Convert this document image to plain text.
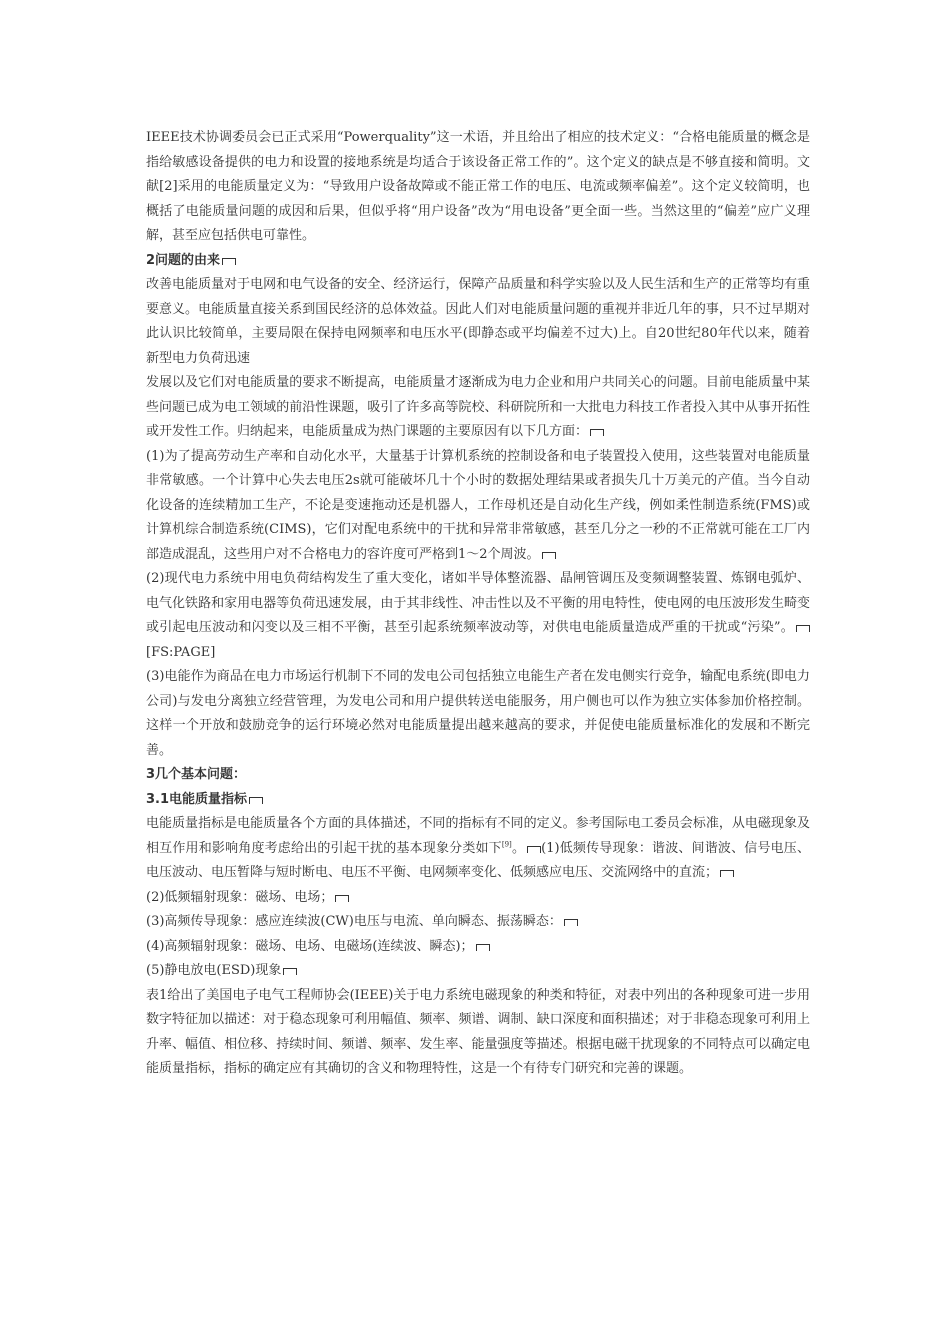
IEEE技术协调委员会已正式采用“Powerquality”这一术语，并且给出了相应的技术定义：“合格电能质量的概念是指给敏感设备提供的电力和设置的接地系统是均适合于该设备正常工作的”。这个定义的缺点是不够直接和简明。文献[2]采用的电能质量定义为：“导致用户设备故障或不能正常工作的电压、电流或频率偏差”。这个定义较简明，也概括了电能质量问题的成因和后果，但似乎将“用户设备”改为“用电设备”更全面一些。当然这里的“偏差”应广义理解，甚至应包括供电可靠性。

2问题的由来

改善电能质量对于电网和电气设备的安全、经济运行，保障产品质量和科学实验以及人民生活和生产的正常等均有重要意义。电能质量直接关系到国民经济的总体效益。因此人们对电能质量问题的重视并非近几年的事，只不过早期对此认识比较简单，主要局限在保持电网频率和电压水平(即静态或平均偏差不过大)上。自20世纪80年代以来，随着新型电力负荷迅速

发展以及它们对电能质量的要求不断提高，电能质量才逐渐成为电力企业和用户共同关心的问题。目前电能质量中某些问题已成为电工领域的前沿性课题，吸引了许多高等院校、科研院所和一大批电力科技工作者投入其中从事开拓性或开发性工作。归纳起来，电能质量成为热门课题的主要原因有以下几方面：

(1)为了提高劳动生产率和自动化水平，大量基于计算机系统的控制设备和电子装置投入使用，这些装置对电能质量非常敏感。一个计算中心失去电压2s就可能破坏几十个小时的数据处理结果或者损失几十万美元的产值。当今自动化设备的连续精加工生产，不论是变速拖动还是机器人，工作母机还是自动化生产线，例如柔性制造系统(FMS)或计算机综合制造系统(CIMS)，它们对配电系统中的干扰和异常非常敏感，甚至几分之一秒的不正常就可能在工厂内部造成混乱，这些用户对不合格电力的容许度可严格到1～2个周波。

(2)现代电力系统中用电负荷结构发生了重大变化，诸如半导体整流器、晶闸管调压及变频调整装置、炼钢电弧炉、电气化铁路和家用电器等负荷迅速发展，由于其非线性、冲击性以及不平衡的用电特性，使电网的电压波形发生畸变或引起电压波动和闪变以及三相不平衡，甚至引起系统频率波动等，对供电电能质量造成严重的干扰或“污染”。[FS:PAGE]

(3)电能作为商品在电力市场运行机制下不同的发电公司包括独立电能生产者在发电侧实行竞争，输配电系统(即电力公司)与发电分离独立经营管理，为发电公司和用户提供转送电能服务，用户侧也可以作为独立实体参加价格控制。这样一个开放和鼓励竞争的运行环境必然对电能质量提出越来越高的要求，并促使电能质量标准化的发展和不断完善。

3几个基本问题：

3.1电能质量指标

电能质量指标是电能质量各个方面的具体描述，不同的指标有不同的定义。参考国际电工委员会标准，从电磁现象及相互作用和影响角度考虑给出的引起干扰的基本现象分类如下[9]。 (1)低频传导现象：谐波、间谐波、信号电压、电压波动、电压暂降与短时断电、电压不平衡、电网频率变化、低频感应电压、交流网络中的直流；

(2)低频辐射现象：磁场、电场；

(3)高频传导现象：感应连续波(CW)电压与电流、单向瞬态、振荡瞬态：

(4)高频辐射现象：磁场、电场、电磁场(连续波、瞬态)；

(5)静电放电(ESD)现象

表1给出了美国电子电气工程师协会(IEEE)关于电力系统电磁现象的种类和特征，对表中列出的各种现象可进一步用数字特征加以描述：对于稳态现象可利用幅值、频率、频谱、调制、缺口深度和面积描述；对于非稳态现象可利用上升率、幅值、相位移、持续时间、频谱、频率、发生率、能量强度等描述。根据电磁干扰现象的不同特点可以确定电能质量指标，指标的确定应有其确切的含义和物理特性，这是一个有待专门研究和完善的课题。
